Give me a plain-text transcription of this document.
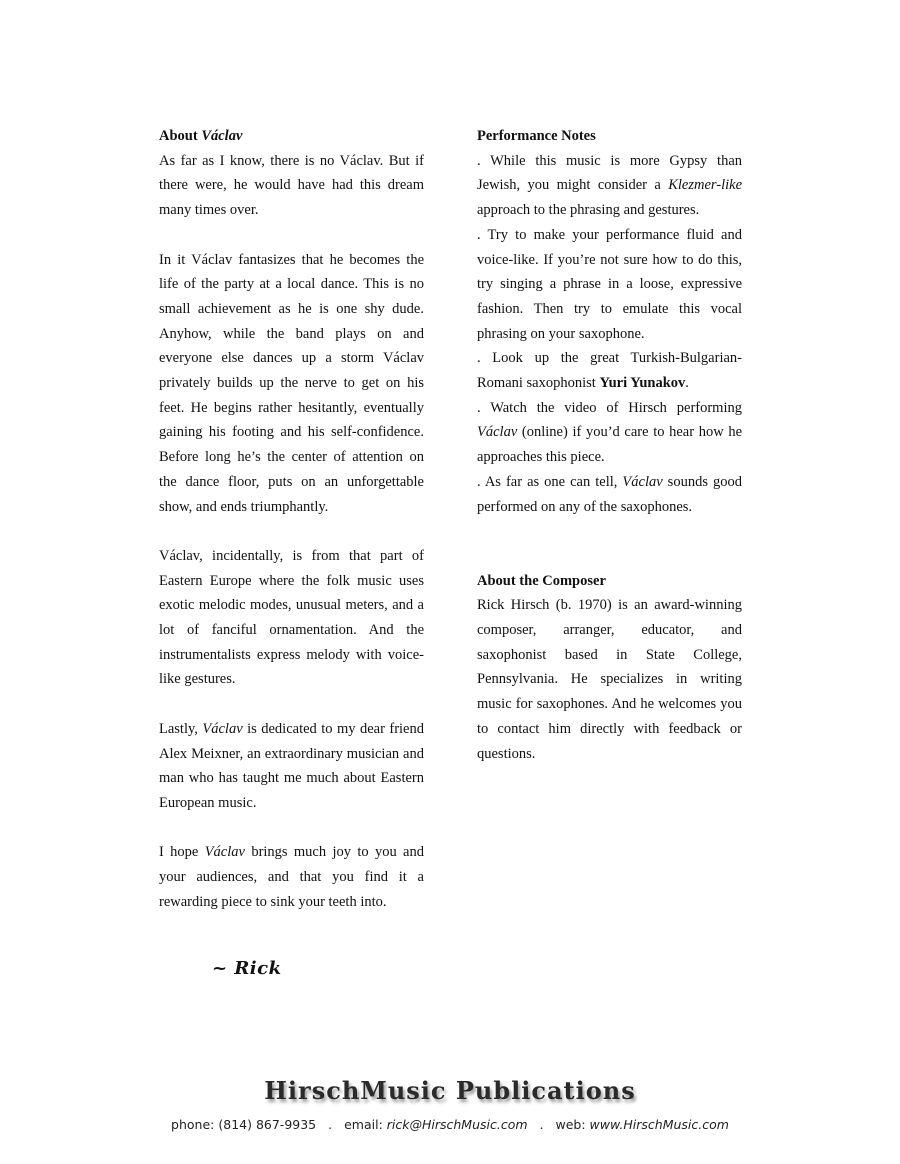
About Václav

As far as I know, there is no Václav. But if there were, he would have had this dream many times over.

In it Václav fantasizes that he becomes the life of the party at a local dance. This is no small achievement as he is one shy dude. Anyhow, while the band plays on and everyone else dances up a storm Václav privately builds up the nerve to get on his feet. He begins rather hesitantly, eventually gaining his footing and his self-confidence. Before long he’s the center of attention on the dance floor, puts on an unforgettable show, and ends triumphantly.

Václav, incidentally, is from that part of Eastern Europe where the folk music uses exotic melodic modes, unusual meters, and a lot of fanciful ornamentation. And the instrumentalists express melody with voice-like gestures.

Lastly, Václav is dedicated to my dear friend Alex Meixner, an extraordinary musician and man who has taught me much about Eastern European music.

I hope Václav brings much joy to you and your audiences, and that you find it a rewarding piece to sink your teeth into.

~ Rick
Performance Notes

. While this music is more Gypsy than Jewish, you might consider a Klezmer-like approach to the phrasing and gestures.

. Try to make your performance fluid and voice-like. If you’re not sure how to do this, try singing a phrase in a loose, expressive fashion. Then try to emulate this vocal phrasing on your saxophone.

. Look up the great Turkish-Bulgarian-Romani saxophonist Yuri Yunakov.

. Watch the video of Hirsch performing Václav (online) if you’d care to hear how he approaches this piece.

. As far as one can tell, Václav sounds good performed on any of the saxophones.

About the Composer

Rick Hirsch (b. 1970) is an award-winning composer, arranger, educator, and saxophonist based in State College, Pennsylvania. He specializes in writing music for saxophones. And he welcomes you to contact him directly with feedback or questions.

HirschMusic Publications
phone: (814) 867-9935 . email: rick@HirschMusic.com . web: www.HirschMusic.com
